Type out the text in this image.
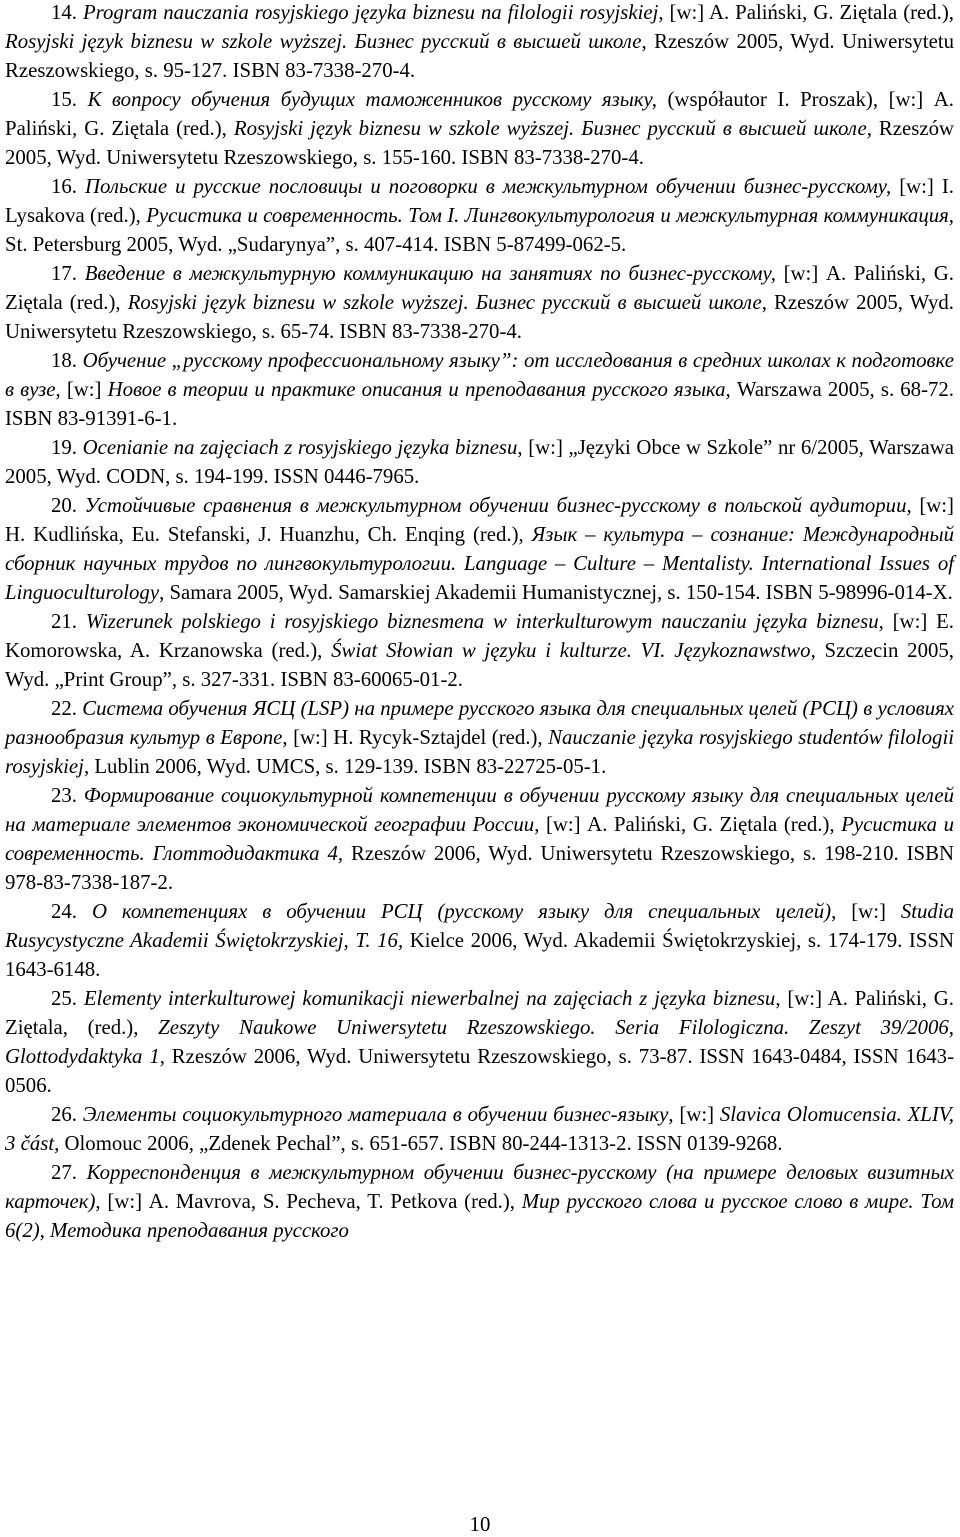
14. Program nauczania rosyjskiego języka biznesu na filologii rosyjskiej, [w:] A. Paliński, G. Ziętala (red.), Rosyjski język biznesu w szkole wyższej. Бизнес русский в высшей школе, Rzeszów 2005, Wyd. Uniwersytetu Rzeszowskiego, s. 95-127. ISBN 83-7338-270-4.

15. К вопросу обучения будущих таможенников русскому языку, (współautor I. Proszak), [w:] A. Paliński, G. Ziętala (red.), Rosyjski język biznesu w szkole wyższej. Бизнес русский в высшей школе, Rzeszów 2005, Wyd. Uniwersytetu Rzeszowskiego, s. 155-160. ISBN 83-7338-270-4.

16. Польские и русские пословицы и поговорки в межкультурном обучении бизнес-русскому, [w:] I. Lysakova (red.), Русистика и современность. Том I. Лингвокультурология и межкультурная коммуникация, St. Petersburg 2005, Wyd. „Sudarynya”, s. 407-414. ISBN 5-87499-062-5.

17. Введение в межкультурную коммуникацию на занятиях по бизнес-русскому, [w:] A. Paliński, G. Ziętala (red.), Rosyjski język biznesu w szkole wyższej. Бизнес русский в высшей школе, Rzeszów 2005, Wyd. Uniwersytetu Rzeszowskiego, s. 65-74. ISBN 83-7338-270-4.

18. Обучение „русскому профессиональному языку”: от исследования в средних школах к подготовке в вузе, [w:] Новое в теории и практике описания и преподавания русского языка, Warszawa 2005, s. 68-72. ISBN 83-91391-6-1.

19. Ocenianie na zajęciach z rosyjskiego języka biznesu, [w:] „Języki Obce w Szkole” nr 6/2005, Warszawa 2005, Wyd. CODN, s. 194-199. ISSN 0446-7965.

20. Устойчивые сравнения в межкультурном обучении бизнес-русскому в польской аудитории, [w:] H. Kudlińska, Eu. Stefanski, J. Huanzhu, Ch. Enqing (red.), Язык – культура – сознание: Международный сборник научных трудов по лингвокультурологии. Language – Culture – Mentalisty. International Issues of Linguoculturology, Samara 2005, Wyd. Samarskiej Akademii Humanistycznej, s. 150-154. ISBN 5-98996-014-X.

21. Wizerunek polskiego i rosyjskiego biznesmena w interkulturowym nauczaniu języka biznesu, [w:] E. Komorowska, A. Krzanowska (red.), Świat Słowian w języku i kulturze. VI. Językoznawstwo, Szczecin 2005, Wyd. „Print Group”, s. 327-331. ISBN 83-60065-01-2.

22. Система обучения ЯСЦ (LSP) на примере русского языка для специальных целей (РСЦ) в условиях разнообразия культур в Европе, [w:] H. Rycyk-Sztajdel (red.), Nauczanie języka rosyjskiego studentów filologii rosyjskiej, Lublin 2006, Wyd. UMCS, s. 129-139. ISBN 83-22725-05-1.

23. Формирование социокультурной компетенции в обучении русскому языку для специальных целей на материале элементов экономической географии России, [w:] A. Paliński, G. Ziętala (red.), Русистика и современность. Глоттодидактика 4, Rzeszów 2006, Wyd. Uniwersytetu Rzeszowskiego, s. 198-210. ISBN 978-83-7338-187-2.

24. О компетенциях в обучении РСЦ (русскому языку для специальных целей), [w:] Studia Rusycystyczne Akademii Świętokrzyskiej, T. 16, Kielce 2006, Wyd. Akademii Świętokrzyskiej, s. 174-179. ISSN 1643-6148.

25. Elementy interkulturowej komunikacji niewerbalnej na zajęciach z języka biznesu, [w:] A. Paliński, G. Ziętala, (red.), Zeszyty Naukowe Uniwersytetu Rzeszowskiego. Seria Filologiczna. Zeszyt 39/2006, Glottodydaktyka 1, Rzeszów 2006, Wyd. Uniwersytetu Rzeszowskiego, s. 73-87. ISSN 1643-0484, ISSN 1643-0506.

26. Элементы социокультурного материала в обучении бизнес-языку, [w:] Slavica Olomucensia. XLIV, 3 část, Olomouc 2006, „Zdenek Pechal”, s. 651-657. ISBN 80-244-1313-2. ISSN 0139-9268.

27. Корреспонденция в межкультурном обучении бизнес-русскому (на примере деловых визитных карточек), [w:] A. Mavrova, S. Pecheva, T. Petkova (red.), Мир русского слова и русское слово в мире. Том 6(2), Методика преподавания русского

10
